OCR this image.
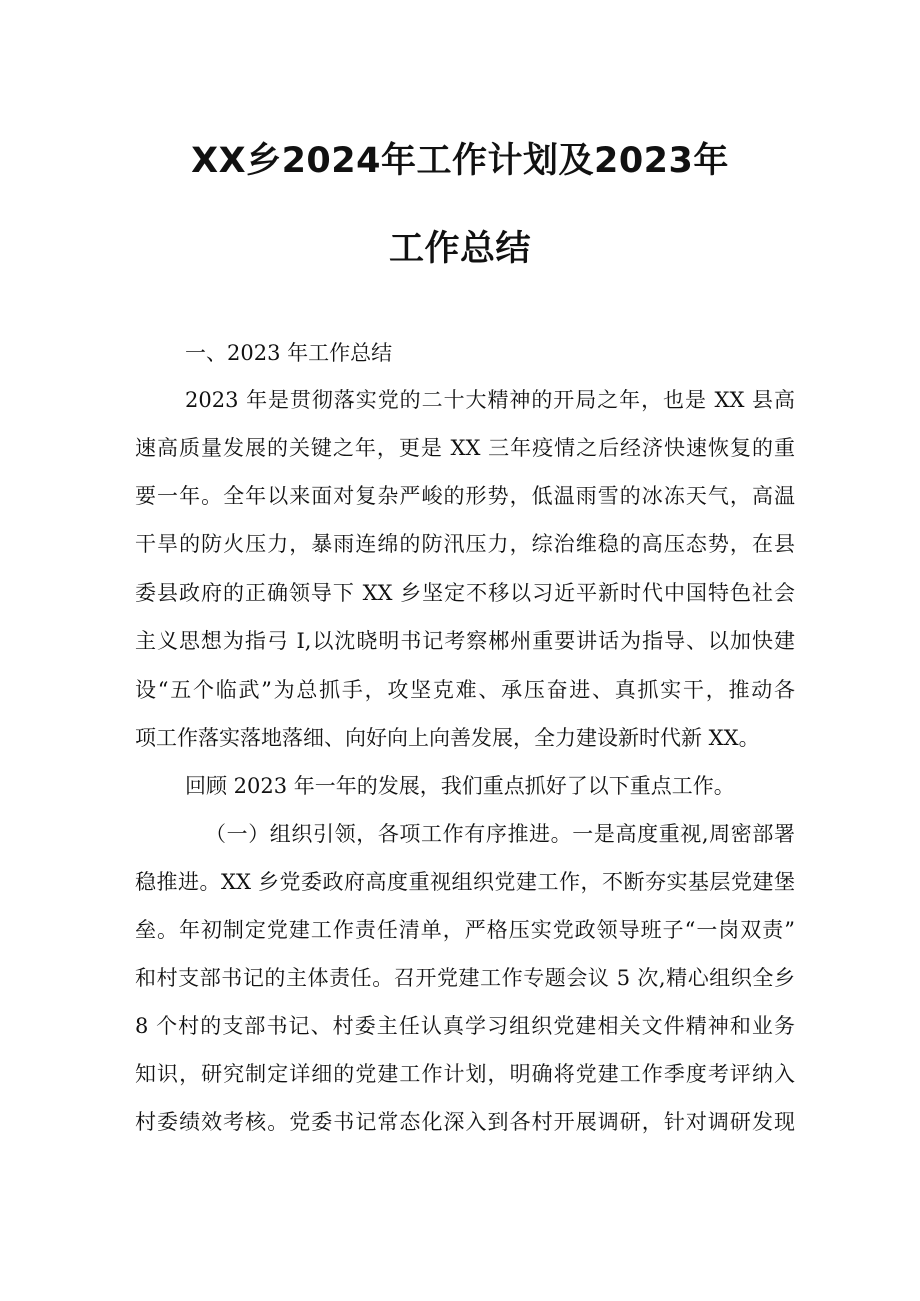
XX乡2024年工作计划及2023年
工作总结
一、2023 年工作总结
2023 年是贯彻落实党的二十大精神的开局之年，也是 XX 县高
速高质量发展的关键之年，更是 XX 三年疫情之后经济快速恢复的重
要一年。全年以来面对复杂严峻的形势，低温雨雪的冰冻天气，高温
干旱的防火压力，暴雨连绵的防汛压力，综治维稳的高压态势，在县
委县政府的正确领导下 XX 乡坚定不移以习近平新时代中国特色社会
主义思想为指弓 I,以沈晓明书记考察郴州重要讲话为指导、以加快建
设“五个临武”为总抓手，攻坚克难、承压奋进、真抓实干，推动各
项工作落实落地落细、向好向上向善发展，全力建设新时代新 XX。
回顾 2023 年一年的发展，我们重点抓好了以下重点工作。
（一）组织引领，各项工作有序推进。一是高度重视,周密部署
稳推进。XX 乡党委政府高度重视组织党建工作，不断夯实基层党建堡
垒。年初制定党建工作责任清单，严格压实党政领导班子“一岗双责”
和村支部书记的主体责任。召开党建工作专题会议 5 次,精心组织全乡
8 个村的支部书记、村委主任认真学习组织党建相关文件精神和业务
知识，研究制定详细的党建工作计划，明确将党建工作季度考评纳入
村委绩效考核。党委书记常态化深入到各村开展调研，针对调研发现
